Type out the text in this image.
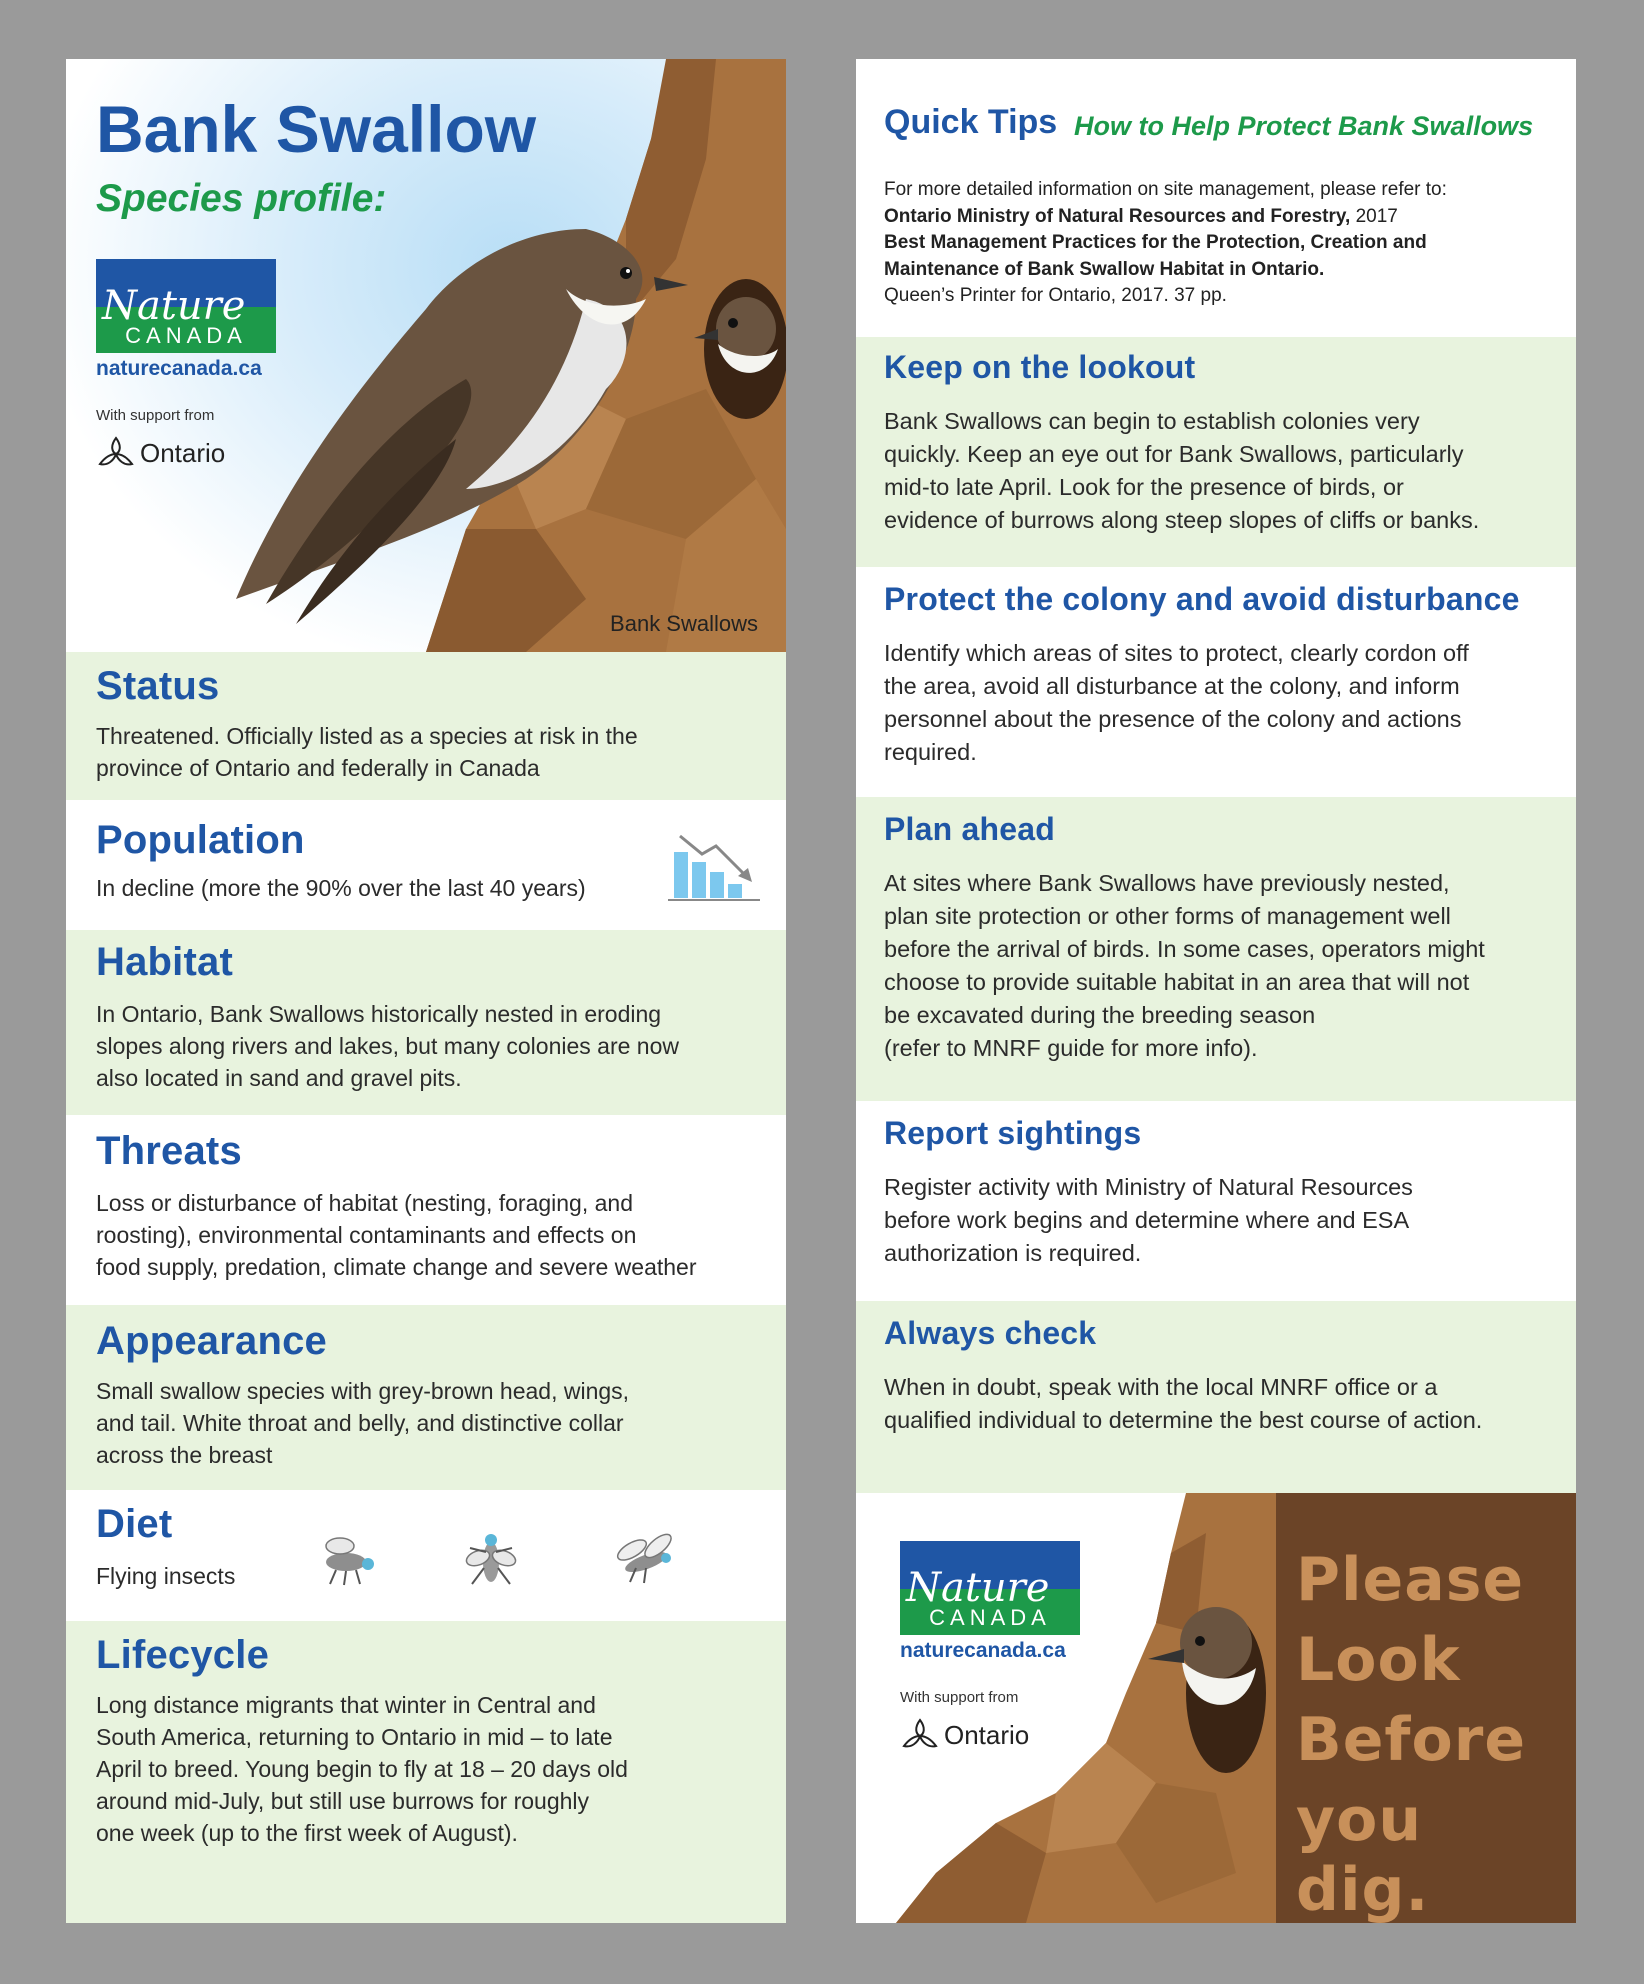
Bank Swallow
Species profile:
Nature
CANADA
naturecanada.ca
With support from
Ontario
Bank Swallows
Status

Threatened. Officially listed as a species at risk in the
province of Ontario and federally in Canada

Population

In decline (more the 90% over the last 40 years)

Habitat

In Ontario, Bank Swallows historically nested in eroding
slopes along rivers and lakes, but many colonies are now
also located in sand and gravel pits.

Threats

Loss or disturbance of habitat (nesting, foraging, and
roosting), environmental contaminants and effects on
food supply, predation, climate change and severe weather

Appearance

Small swallow species with grey-brown head, wings,
and tail. White throat and belly, and distinctive collar
across the breast

Diet

Flying insects

Lifecycle

Long distance migrants that winter in Central and
South America, returning to Ontario in mid – to late
April to breed. Young begin to fly at 18 – 20 days old
around mid-July, but still use burrows for roughly
one week (up to the first week of August).

Quick Tips How to Help Protect Bank Swallows
For more detailed information on site management, please refer to:
Ontario Ministry of Natural Resources and Forestry, 2017
Best Management Practices for the Protection, Creation and
Maintenance of Bank Swallow Habitat in Ontario.
Queen’s Printer for Ontario, 2017. 37 pp.
Keep on the lookout

Bank Swallows can begin to establish colonies very
quickly. Keep an eye out for Bank Swallows, particularly
mid-to late April. Look for the presence of birds, or
evidence of burrows along steep slopes of cliffs or banks.

Protect the colony and avoid disturbance

Identify which areas of sites to protect, clearly cordon off
the area, avoid all disturbance at the colony, and inform
personnel about the presence of the colony and actions
required.

Plan ahead

At sites where Bank Swallows have previously nested,
plan site protection or other forms of management well
before the arrival of birds. In some cases, operators might
choose to provide suitable habitat in an area that will not
be excavated during the breeding season
(refer to MNRF guide for more info).

Report sightings

Register activity with Ministry of Natural Resources
before work begins and determine where and ESA
authorization is required.

Always check

When in doubt, speak with the local MNRF office or a
qualified individual to determine the best course of action.

Nature
CANADA
naturecanada.ca
With support from
Ontario
Please
Look
Before
you dig.
